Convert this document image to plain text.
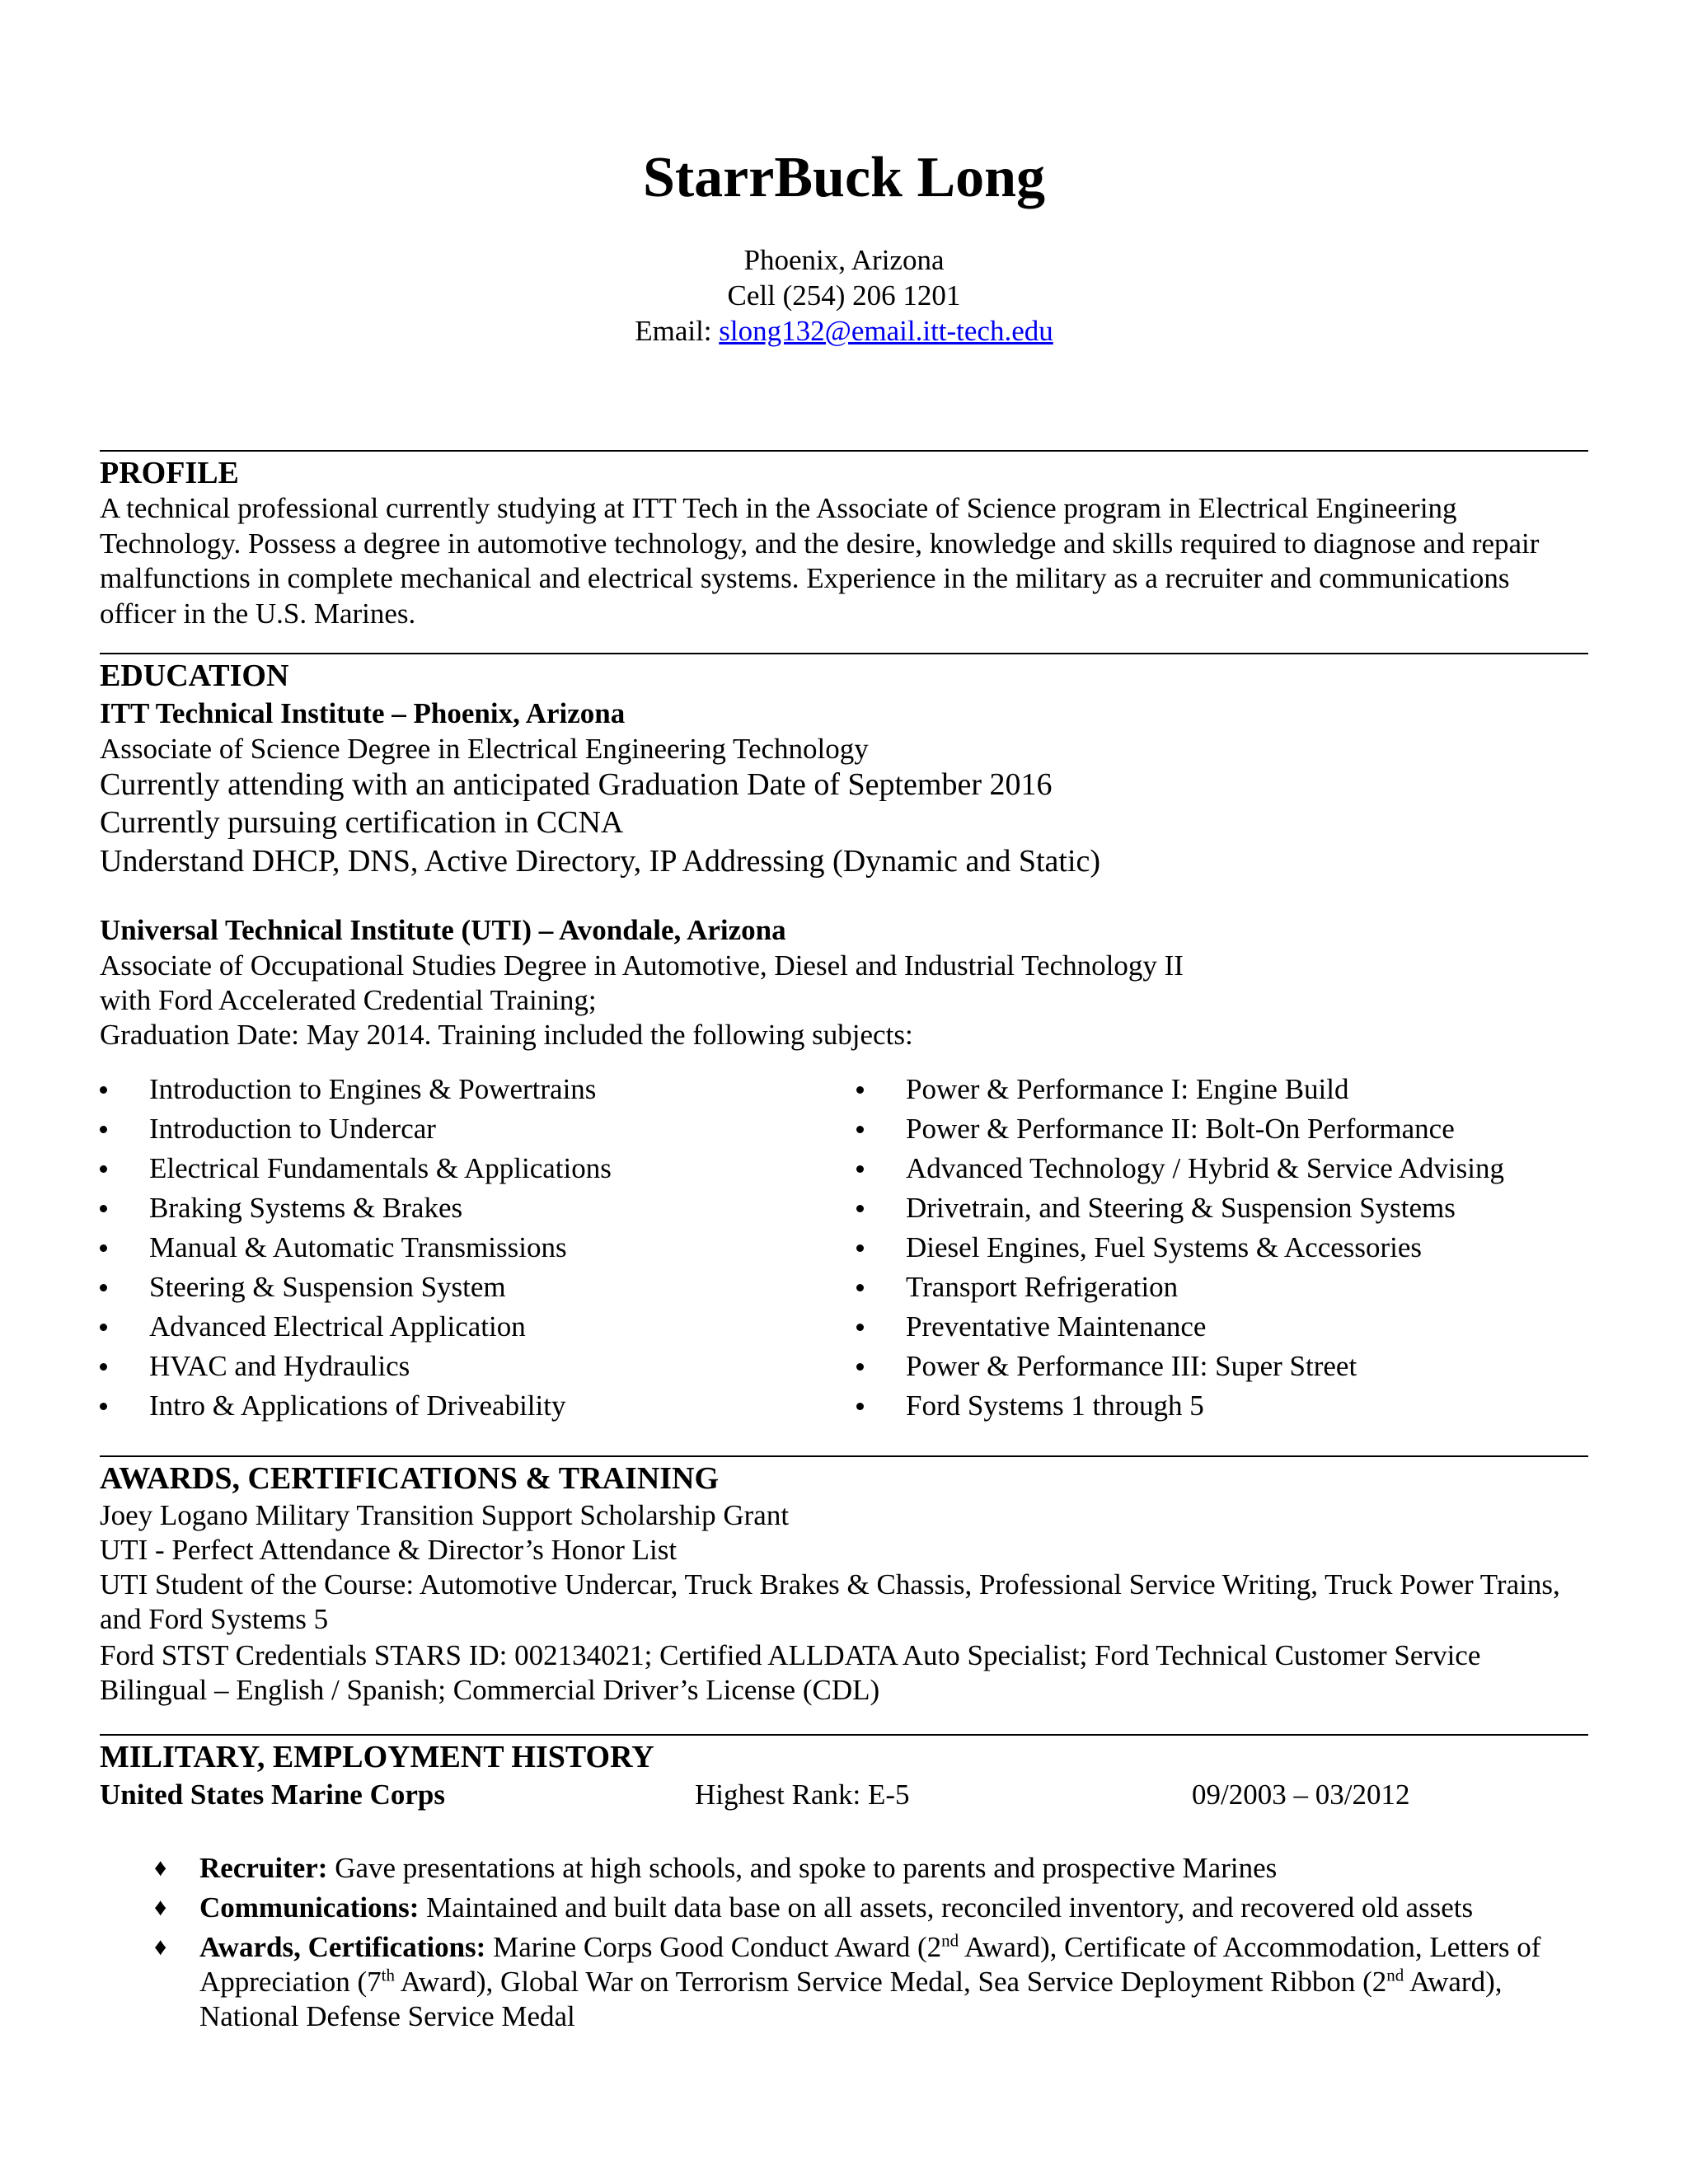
StarrBuck Long
Phoenix, Arizona
Cell (254) 206 1201
Email: slong132@email.itt-tech.edu
PROFILE
A technical professional currently studying at ITT Tech in the Associate of Science program in Electrical Engineering Technology. Possess a degree in automotive technology, and the desire, knowledge and skills required to diagnose and repair malfunctions in complete mechanical and electrical systems. Experience in the military as a recruiter and communications officer in the U.S. Marines.
EDUCATION
ITT Technical Institute – Phoenix, Arizona
Associate of Science Degree in Electrical Engineering Technology
Currently attending with an anticipated Graduation Date of September 2016
Currently pursuing certification in CCNA
Understand DHCP, DNS, Active Directory, IP Addressing (Dynamic and Static)
Universal Technical Institute (UTI) – Avondale, Arizona
Associate of Occupational Studies Degree in Automotive, Diesel and Industrial Technology II
with Ford Accelerated Credential Training;
Graduation Date: May 2014. Training included the following subjects:
Introduction to Engines & Powertrains
Introduction to Undercar
Electrical Fundamentals & Applications
Braking Systems & Brakes
Manual & Automatic Transmissions
Steering & Suspension System
Advanced Electrical Application
HVAC and Hydraulics
Intro & Applications of Driveability
Power & Performance I: Engine Build
Power & Performance II: Bolt-On Performance
Advanced Technology / Hybrid & Service Advising
Drivetrain, and Steering & Suspension Systems
Diesel Engines, Fuel Systems & Accessories
Transport Refrigeration
Preventative Maintenance
Power & Performance III: Super Street
Ford Systems 1 through 5
AWARDS, CERTIFICATIONS & TRAINING
Joey Logano Military Transition Support Scholarship Grant
UTI - Perfect Attendance & Director’s Honor List
UTI Student of the Course: Automotive Undercar, Truck Brakes & Chassis, Professional Service Writing, Truck Power Trains, and Ford Systems 5
Ford STST Credentials STARS ID: 002134021; Certified ALLDATA Auto Specialist; Ford Technical Customer Service
Bilingual – English / Spanish; Commercial Driver’s License (CDL)
MILITARY, EMPLOYMENT HISTORY
United States Marine Corps	Highest Rank: E-5	09/2003 – 03/2012
♦ Recruiter: Gave presentations at high schools, and spoke to parents and prospective Marines
♦ Communications: Maintained and built data base on all assets, reconciled inventory, and recovered old assets
♦ Awards, Certifications: Marine Corps Good Conduct Award (2nd Award), Certificate of Accommodation, Letters of Appreciation (7th Award), Global War on Terrorism Service Medal, Sea Service Deployment Ribbon (2nd Award), National Defense Service Medal
